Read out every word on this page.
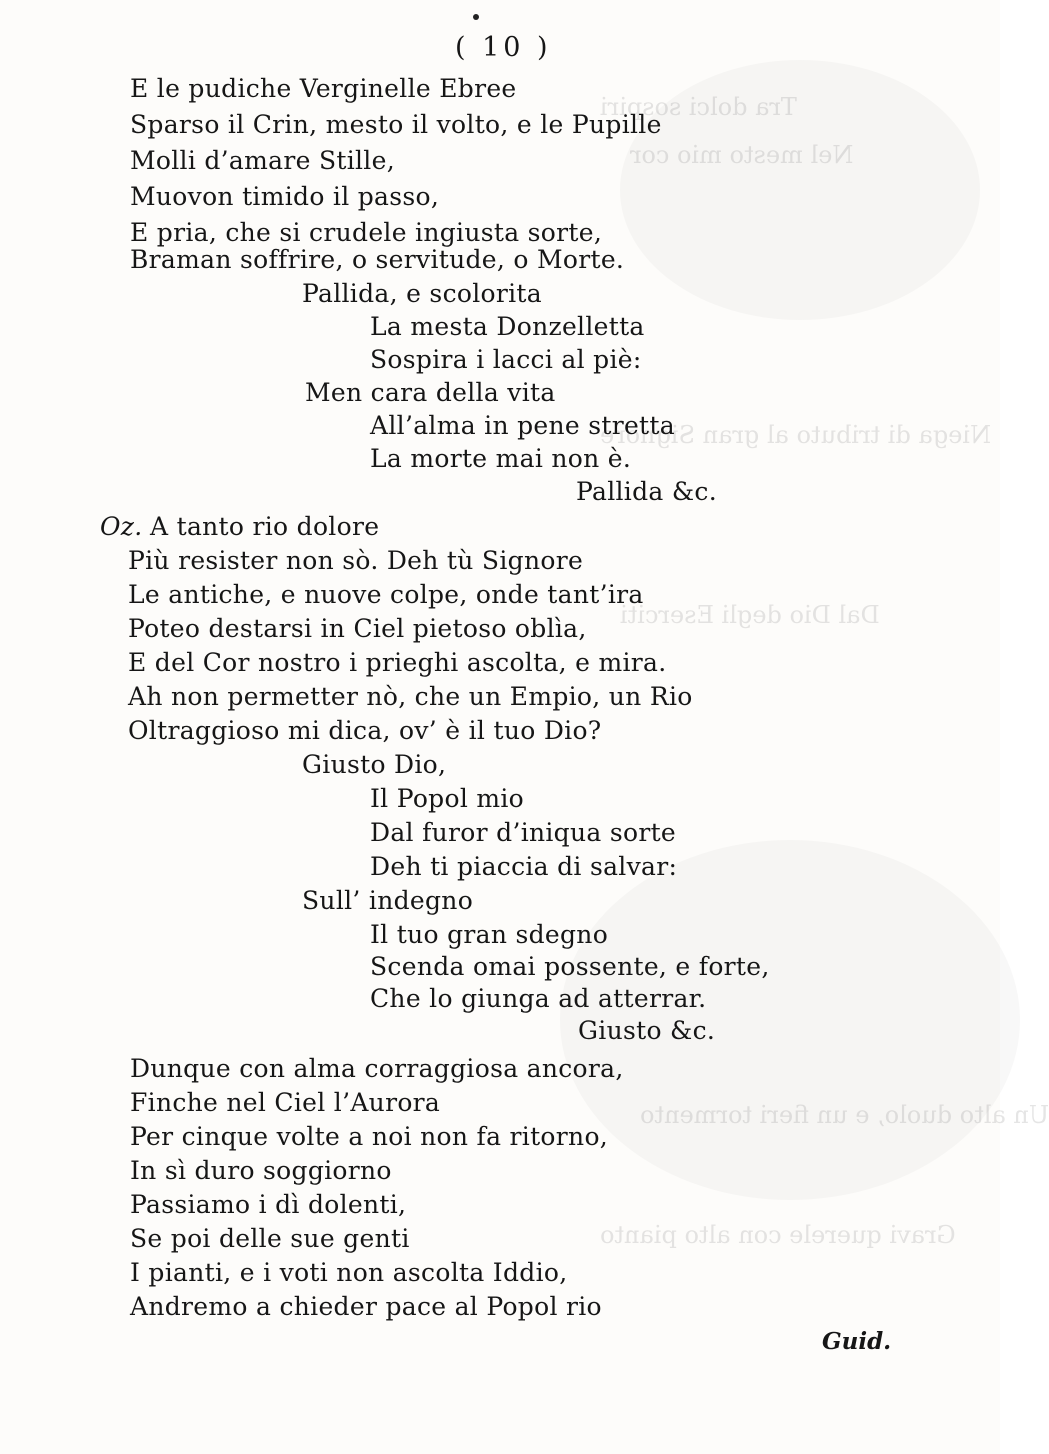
Tra dolci sospiri
Nel mesto mio cor
Niega di tributo al gran Signore
Dal Dio degli Eserciti
Un alto duolo, e un fieri tormento
Gravi querele con alto pianto
( 10 )
E le pudiche Verginelle Ebree
Sparso il Crin, mesto il volto, e le Pupille
Molli d’amare Stille,
Muovon timido il passo,
E pria, che si crudele ingiusta sorte,
Braman soffrire, o servitude, o Morte.
Pallida, e scolorita
La mesta Donzelletta
Sospira i lacci al piè:
Men cara della vita
All’alma in pene stretta
La morte mai non è.
Pallida &c.
Oz. A tanto rio dolore
Più resister non sò. Deh tù Signore
Le antiche, e nuove colpe, onde tant’ira
Poteo destarsi in Ciel pietoso oblìa,
E del Cor nostro i prieghi ascolta, e mira.
Ah non permetter nò, che un Empio, un Rio
Oltraggioso mi dica, ov’ è il tuo Dio?
Giusto Dio,
Il Popol mio
Dal furor d’iniqua sorte
Deh ti piaccia di salvar:
Sull’ indegno
Il tuo gran sdegno
Scenda omai possente, e forte,
Che lo giunga ad atterrar.
Giusto &c.
Dunque con alma corraggiosa ancora,
Finche nel Ciel l’Aurora
Per cinque volte a noi non fa ritorno,
In sì duro soggiorno
Passiamo i dì dolenti,
Se poi delle sue genti
I pianti, e i voti non ascolta Iddio,
Andremo a chieder pace al Popol rio
Guid.
